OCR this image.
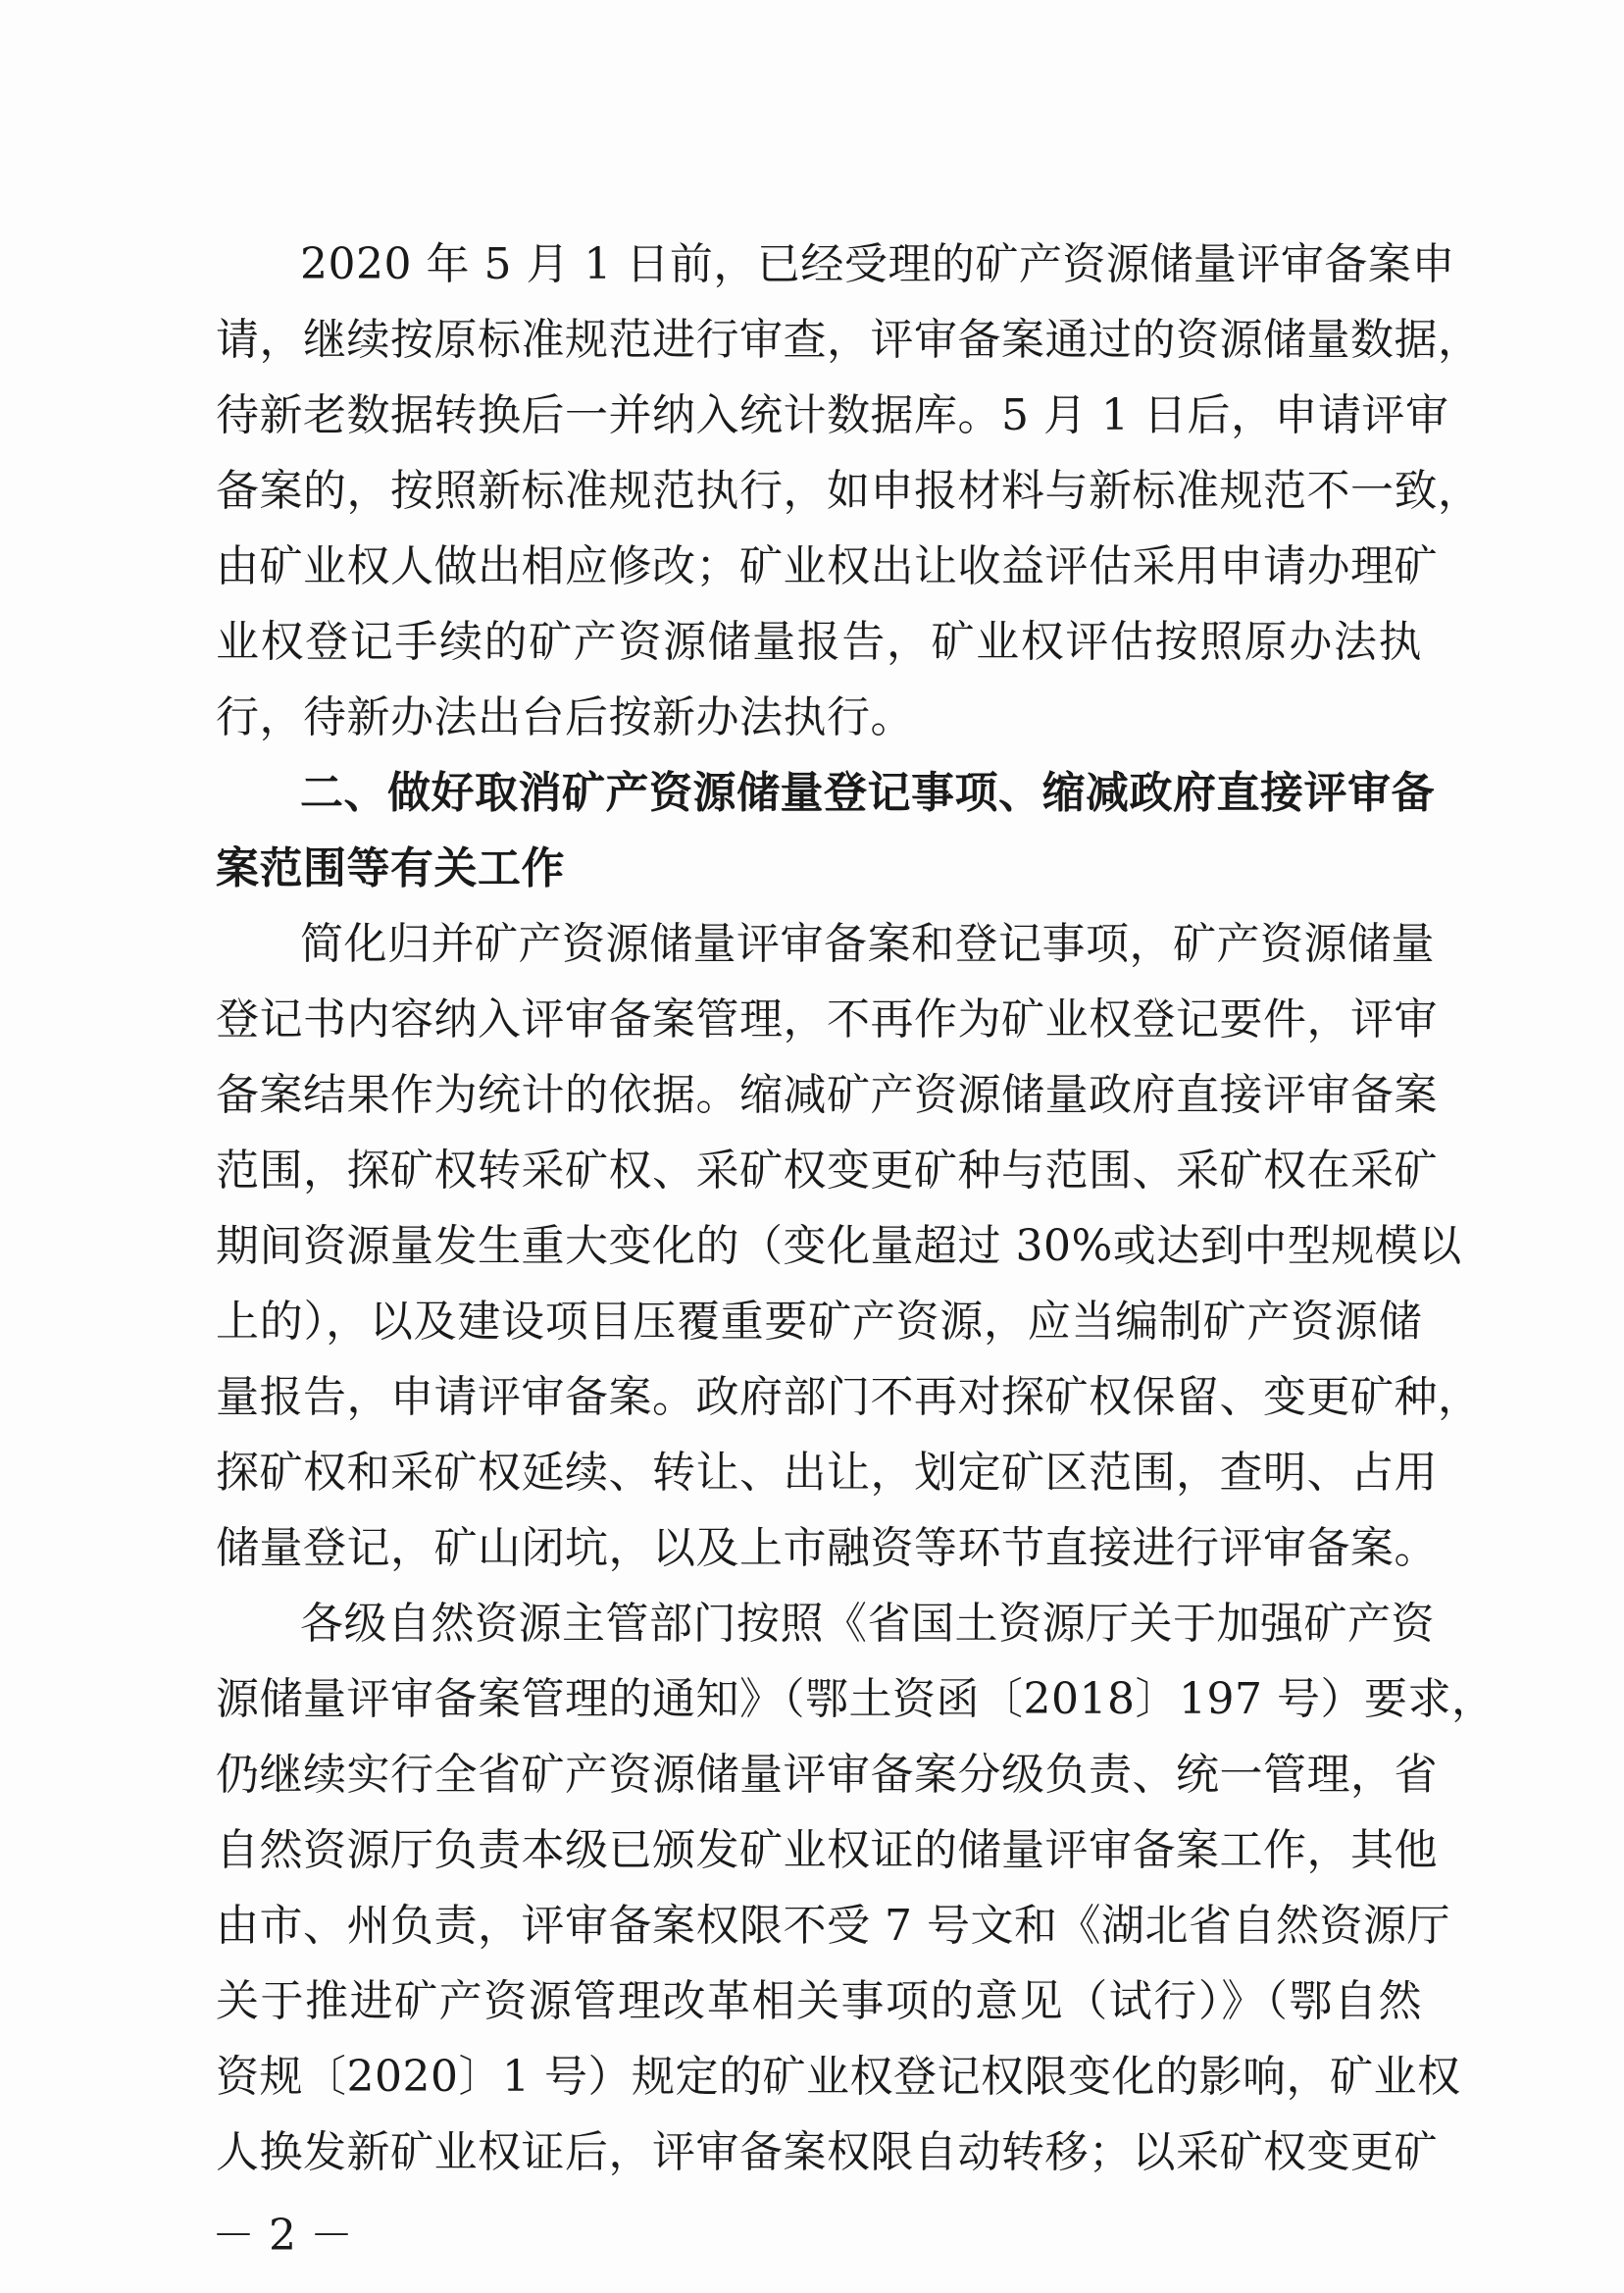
2020 年 5 月 1 日前，已经受理的矿产资源储量评审备案申
请，继续按原标准规范进行审查，评审备案通过的资源储量数据，
待新老数据转换后一并纳入统计数据库。5 月 1 日后，申请评审
备案的，按照新标准规范执行，如申报材料与新标准规范不一致，
由矿业权人做出相应修改；矿业权出让收益评估采用申请办理矿
业权登记手续的矿产资源储量报告，矿业权评估按照原办法执
行，待新办法出台后按新办法执行。
二、做好取消矿产资源储量登记事项、缩减政府直接评审备
案范围等有关工作
简化归并矿产资源储量评审备案和登记事项，矿产资源储量
登记书内容纳入评审备案管理，不再作为矿业权登记要件，评审
备案结果作为统计的依据。缩减矿产资源储量政府直接评审备案
范围，探矿权转采矿权、采矿权变更矿种与范围、采矿权在采矿
期间资源量发生重大变化的（变化量超过 30%或达到中型规模以
上的），以及建设项目压覆重要矿产资源，应当编制矿产资源储
量报告，申请评审备案。政府部门不再对探矿权保留、变更矿种，
探矿权和采矿权延续、转让、出让，划定矿区范围，查明、占用
储量登记，矿山闭坑，以及上市融资等环节直接进行评审备案。
各级自然资源主管部门按照《省国土资源厅关于加强矿产资
源储量评审备案管理的通知》（鄂土资函〔2018〕197 号）要求，
仍继续实行全省矿产资源储量评审备案分级负责、统一管理，省
自然资源厅负责本级已颁发矿业权证的储量评审备案工作，其他
由市、州负责，评审备案权限不受 7 号文和《湖北省自然资源厅
关于推进矿产资源管理改革相关事项的意见（试行）》（鄂自然
资规〔2020〕1 号）规定的矿业权登记权限变化的影响，矿业权
人换发新矿业权证后，评审备案权限自动转移；以采矿权变更矿
－ 2 －
